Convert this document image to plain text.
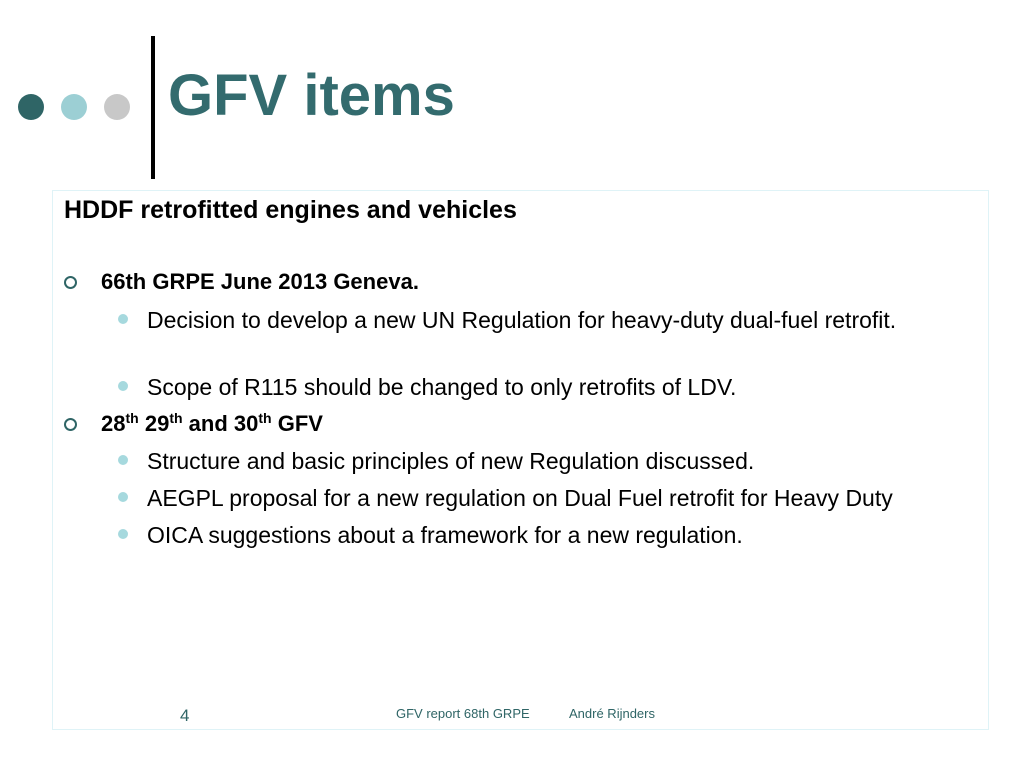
GFV items
HDDF retrofitted engines and vehicles
66th GRPE June 2013 Geneva.
Decision to develop a new UN Regulation for heavy-duty dual-fuel retrofit.
Scope of R115 should be changed to only retrofits of LDV.
28th 29th and 30th GFV
Structure and basic principles of new Regulation discussed.
AEGPL proposal for a new regulation on Dual Fuel retrofit for Heavy Duty
OICA suggestions about a framework for a new regulation.
4	GFV report 68th GRPE	André Rijnders
